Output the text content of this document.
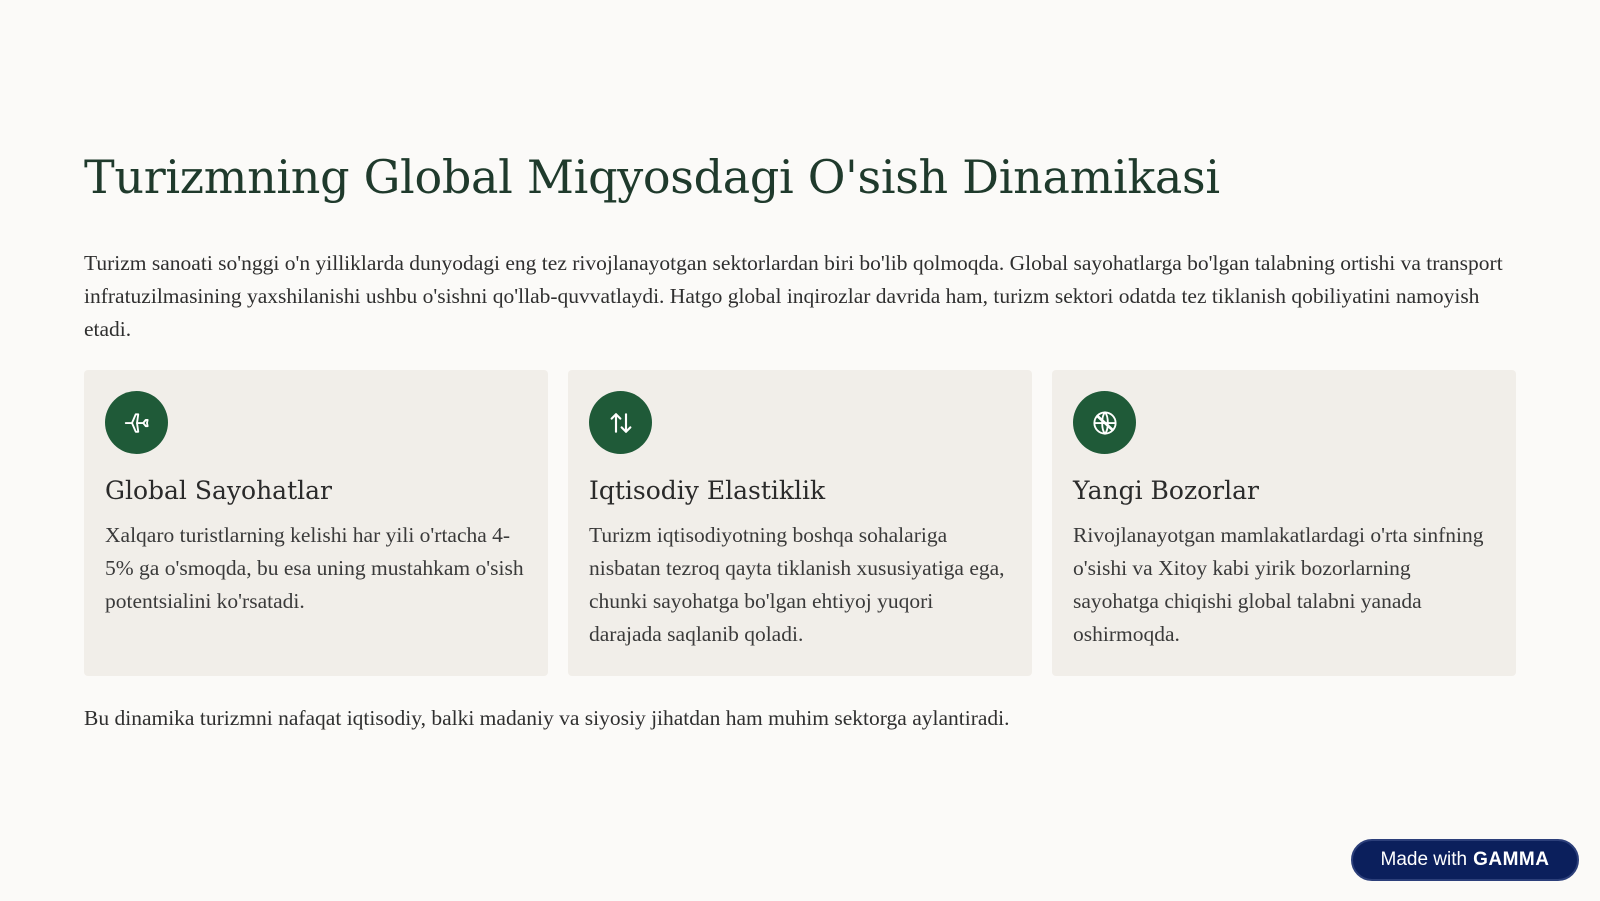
Turizmning Global Miqyosdagi O'sish Dinamikasi

Turizm sanoati so'nggi o'n yilliklarda dunyodagi eng tez rivojlanayotgan sektorlardan biri bo'lib qolmoqda. Global sayohatlarga bo'lgan talabning ortishi va transport infratuzilmasining yaxshilanishi ushbu o'sishni qo'llab-quvvatlaydi. Hatgo global inqirozlar davrida ham, turizm sektori odatda tez tiklanish qobiliyatini namoyish etadi.

Global Sayohatlar

Xalqaro turistlarning kelishi har yili o'rtacha 4-5% ga o'smoqda, bu esa uning mustahkam o'sish potentsialini ko'rsatadi.

Iqtisodiy Elastiklik

Turizm iqtisodiyotning boshqa sohalariga nisbatan tezroq qayta tiklanish xususiyatiga ega, chunki sayohatga bo'lgan ehtiyoj yuqori darajada saqlanib qoladi.

Yangi Bozorlar

Rivojlanayotgan mamlakatlardagi o'rta sinfning o'sishi va Xitoy kabi yirik bozorlarning sayohatga chiqishi global talabni yanada oshirmoqda.

Bu dinamika turizmni nafaqat iqtisodiy, balki madaniy va siyosiy jihatdan ham muhim sektorga aylantiradi.

Made with GAMMA
